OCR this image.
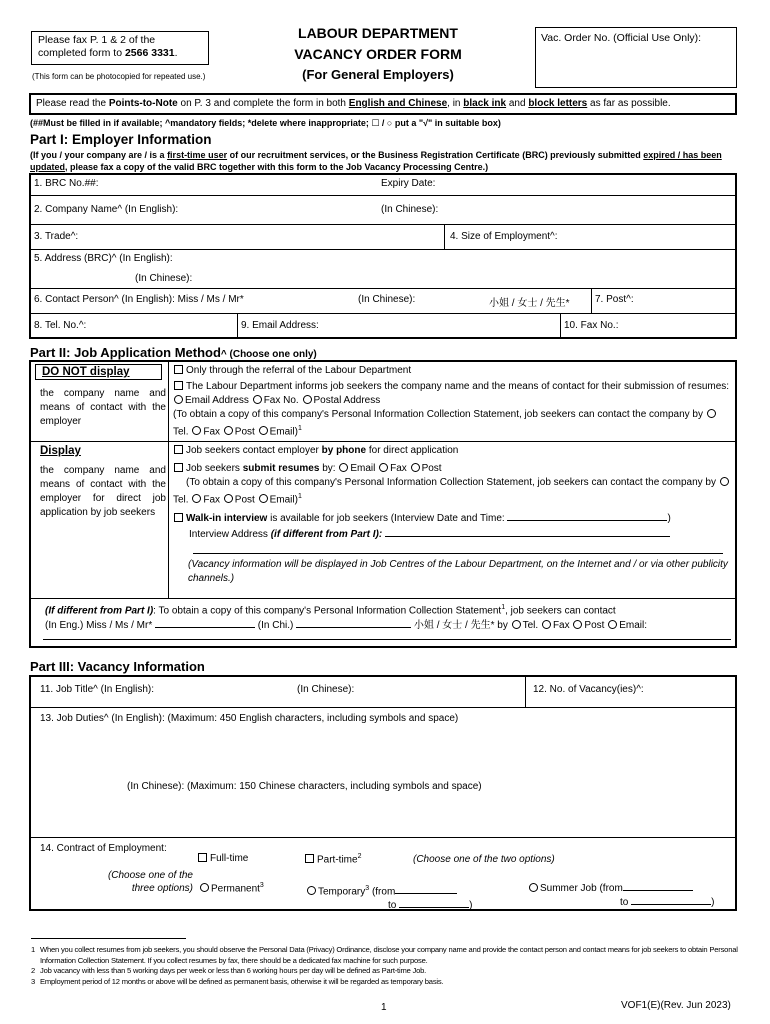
Please fax P. 1 & 2 of the completed form to 2566 3331.
(This form can be photocopied for repeated use.)
LABOUR DEPARTMENT
VACANCY ORDER FORM
(For General Employers)
Vac. Order No. (Official Use Only):
Please read the Points-to-Note on P. 3 and complete the form in both English and Chinese, in black ink and block letters as far as possible.
(##Must be filled in if available; ^mandatory fields; *delete where inappropriate; ☐ / ○ put a "√" in suitable box)
Part I: Employer Information
(If you / your company are / is a first-time user of our recruitment services, or the Business Registration Certificate (BRC) previously submitted expired / has been updated, please fax a copy of the valid BRC together with this form to the Job Vacancy Processing Centre.)
1. BRC No.##:	Expiry Date:
2. Company Name^ (In English):	(In Chinese):
3. Trade^:	4. Size of Employment^:
5. Address (BRC)^ (In English):
(In Chinese):
6. Contact Person^ (In English): Miss / Ms / Mr*	(In Chinese):	小姐 / 女士 / 先生*	7. Post^:
8. Tel. No.^:	9. Email Address:	10. Fax No.:
Part II: Job Application Method^ (Choose one only)
DO NOT display
the company name and means of contact with the employer
Only through the referral of the Labour Department
The Labour Department informs job seekers the company name and the means of contact for their submission of resumes: Email Address Fax No. Postal Address
(To obtain a copy of this company's Personal Information Collection Statement, job seekers can contact the company by Tel. Fax Post Email)$^1$
Display
the company name and means of contact with the employer for direct job application by job seekers
Job seekers contact employer by phone for direct application
Job seekers submit resumes by: Email Fax Post
(To obtain a copy of this company's Personal Information Collection Statement, job seekers can contact the company by Tel. Fax Post Email)$^1$
Walk-in interview is available for job seekers (Interview Date and Time:	)
Interview Address (if different from Part I):
(Vacancy information will be displayed in Job Centres of the Labour Department, on the Internet and / or via other publicity channels.)
(If different from Part I): To obtain a copy of this company's Personal Information Collection Statement$^1$, job seekers can contact
(In Eng.) Miss / Ms / Mr*	(In Chi.)	小姐 / 女士 / 先生* by Tel. Fax Post Email:
Part III: Vacancy Information
11. Job Title^ (In English):	(In Chinese):	12. No. of Vacancy(ies)^:
13. Job Duties^ (In English): (Maximum: 450 English characters, including symbols and space)
(In Chinese): (Maximum: 150 Chinese characters, including symbols and space)
14. Contract of Employment:
(Choose one of the three options)
Full-time	Part-time$^2$	(Choose one of the two options)
Permanent$^3$
Temporary$^3$ (from
to	)
Summer Job (from
to	)
1 When you collect resumes from job seekers, you should observe the Personal Data (Privacy) Ordinance, disclose your company name and provide the contact person and contact means for job seekers to obtain Personal Information Collection Statement. If you collect resumes by fax, there should be a dedicated fax machine for such purpose.
2 Job vacancy with less than 5 working days per week or less than 6 working hours per day will be defined as Part-time Job.
3 Employment period of 12 months or above will be defined as permanent basis, otherwise it will be regarded as temporary basis.
1	VOF1(E)(Rev. Jun 2023)
